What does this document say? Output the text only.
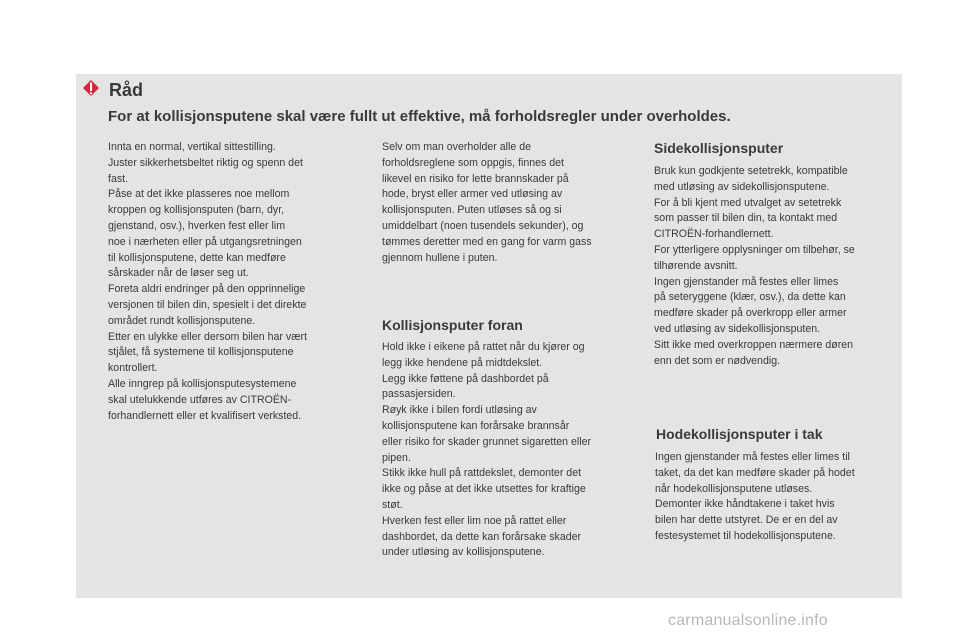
Råd

For at kollisjonsputene skal være fullt ut effektive, må forholdsregler under overholdes.

Innta en normal, vertikal sittestilling.
Juster sikkerhetsbeltet riktig og spenn det
fast.
Påse at det ikke plasseres noe mellom
kroppen og kollisjonsputen (barn, dyr,
gjenstand, osv.), hverken fest eller lim
noe i nærheten eller på utgangsretningen
til kollisjonsputene, dette kan medføre
sårskader når de løser seg ut.
Foreta aldri endringer på den opprinnelige
versjonen til bilen din, spesielt i det direkte
området rundt kollisjonsputene.
Etter en ulykke eller dersom bilen har vært
stjålet, få systemene til kollisjonsputene
kontrollert.
Alle inngrep på kollisjonsputesystemene
skal utelukkende utføres av CITROËN-
forhandlernett eller et kvalifisert verksted.

Selv om man overholder alle de
forholdsreglene som oppgis, finnes det
likevel en risiko for lette brannskader på
hode, bryst eller armer ved utløsing av
kollisjonsputen. Puten utløses så og si
umiddelbart (noen tusendels sekunder), og
tømmes deretter med en gang for varm gass
gjennom hullene i puten.

Kollisjonsputer foran

Hold ikke i eikene på rattet når du kjører og
legg ikke hendene på midtdekslet.
Legg ikke føttene på dashbordet på
passasjersiden.
Røyk ikke i bilen fordi utløsing av
kollisjonsputene kan forårsake brannsår
eller risiko for skader grunnet sigaretten eller
pipen.
Stikk ikke hull på rattdekslet, demonter det
ikke og påse at det ikke utsettes for kraftige
støt.
Hverken fest eller lim noe på rattet eller
dashbordet, da dette kan forårsake skader
under utløsing av kollisjonsputene.

Sidekollisjonsputer

Bruk kun godkjente setetrekk, kompatible
med utløsing av sidekollisjonsputene.
For å bli kjent med utvalget av setetrekk
som passer til bilen din, ta kontakt med
CITROËN-forhandlernett.
For ytterligere opplysninger om tilbehør, se
tilhørende avsnitt.
Ingen gjenstander må festes eller limes
på seteryggene (klær, osv.), da dette kan
medføre skader på overkropp eller armer
ved utløsing av sidekollisjonsputen.
Sitt ikke med overkroppen nærmere døren
enn det som er nødvendig.

Hodekollisjonsputer i tak

Ingen gjenstander må festes eller limes til
taket, da det kan medføre skader på hodet
når hodekollisjonsputene utløses.
Demonter ikke håndtakene i taket hvis
bilen har dette utstyret. De er en del av
festesystemet til hodekollisjonsputene.

carmanualsonline.info
